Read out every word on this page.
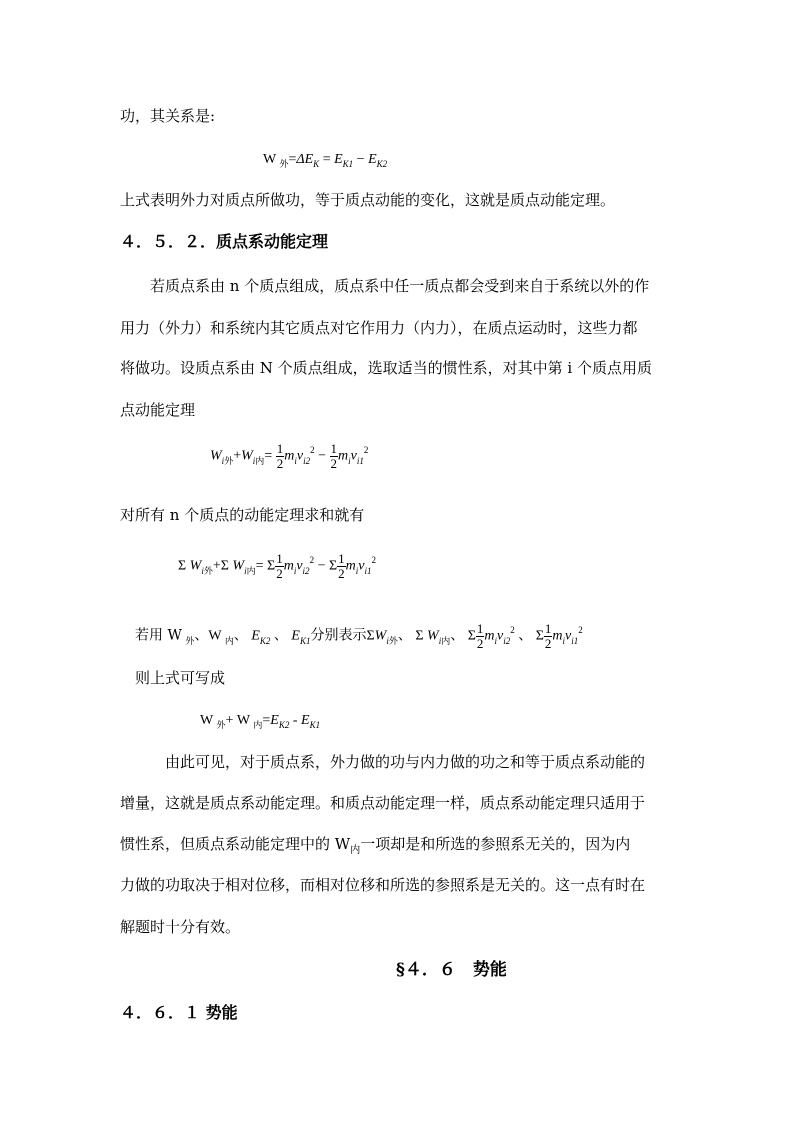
功，其关系是:
W $_外=\Delta E_K = E_{K1} - E_{K2}$
上式表明外力对质点所做功，等于质点动能的变化，这就是质点动能定理。
４．５．２．质点系动能定理
若质点系由 n 个质点组成，质点系中任一质点都会受到来自于系统以外的作
用力（外力）和系统内其它质点对它作用力（内力），在质点运动时，这些力都
将做功。设质点系由 N 个质点组成，选取适当的惯性系，对其中第 i 个质点用质
点动能定理
$W_{i外}+W_{i内}= \frac{1}{2} m_iv_{i2}^2 - \frac{1}{2} m_iv_{i1}^2$
对所有 n 个质点的动能定理求和就有
Σ $W_{i外}+\Sigma$ $W_{i内}= \Sigma \frac{1}{2} m_iv_{i2}^2 - \Sigma \frac{1}{2} m_iv_{i1}^2$
若用 W $_外$、W $_内$、 $E_{K2}$ 、 $E_{K1}$分别表示$\Sigma W_{i外}$、 Σ $W_{i内}$、 Σ $\frac{1}{2} m_iv_{i2}^2$ 、 Σ $\frac{1}{2} m_iv_{i1}^2$
则上式可写成
W $_外$+ W $_内=E_{K2} - E_{K1}$
由此可见，对于质点系，外力做的功与内力做的功之和等于质点系动能的
增量，这就是质点系动能定理。和质点动能定理一样，质点系动能定理只适用于
惯性系，但质点系动能定理中的 $W_内$一项却是和所选的参照系无关的，因为内
力做的功取决于相对位移，而相对位移和所选的参照系是无关的。这一点有时在
解题时十分有效。
§４．６　势能
４．６．１ 势能
